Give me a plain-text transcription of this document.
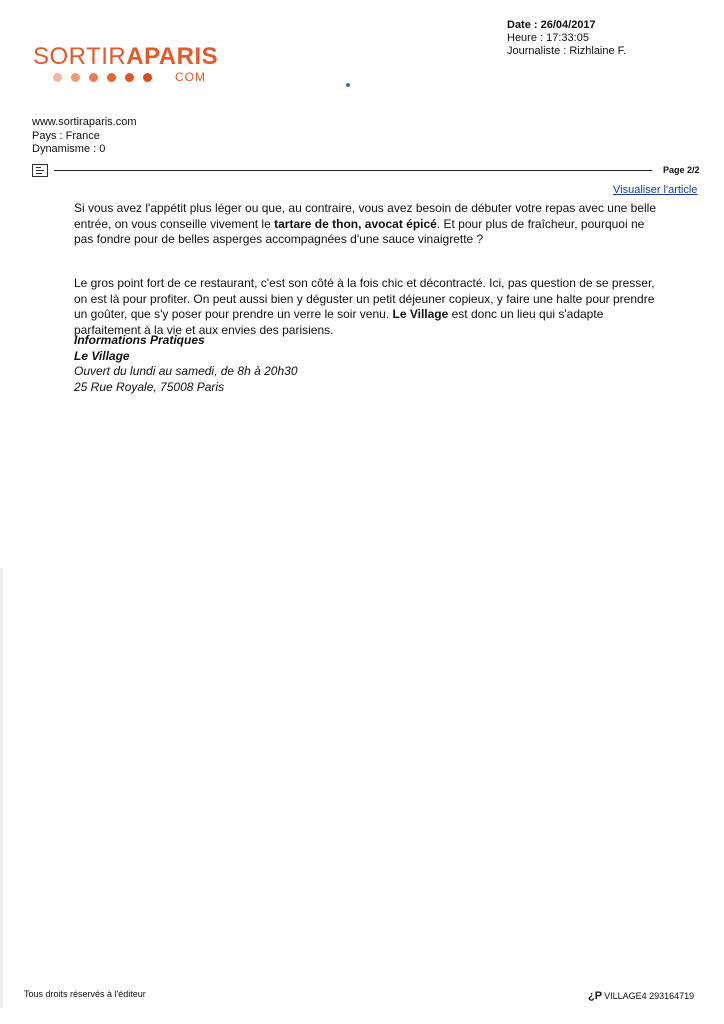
SORTIRAPARIS
COM
Date : 26/04/2017
Heure : 17:33:05
Journaliste : Rizhlaine F.
www.sortiraparis.com
Pays : France
Dynamisme : 0
Page 2/2
Visualiser l'article
Si vous avez l'appétit plus léger ou que, au contraire, vous avez besoin de débuter votre repas avec une belle entrée, on vous conseille vivement le tartare de thon, avocat épicé. Et pour plus de fraîcheur, pourquoi ne pas fondre pour de belles asperges accompagnées d'une sauce vinaigrette ?
Le gros point fort de ce restaurant, c'est son côté à la fois chic et décontracté. Ici, pas question de se presser, on est là pour profiter. On peut aussi bien y déguster un petit déjeuner copieux, y faire une halte pour prendre un goûter, que s'y poser pour prendre un verre le soir venu. Le Village est donc un lieu qui s'adapte parfaitement à la vie et aux envies des parisiens.
Informations Pratiques
Le Village
Ouvert du lundi au samedi, de 8h à 20h30
25 Rue Royale, 75008 Paris
Tous droits réservés à l'éditeur	¿P VILLAGE4 293164719
